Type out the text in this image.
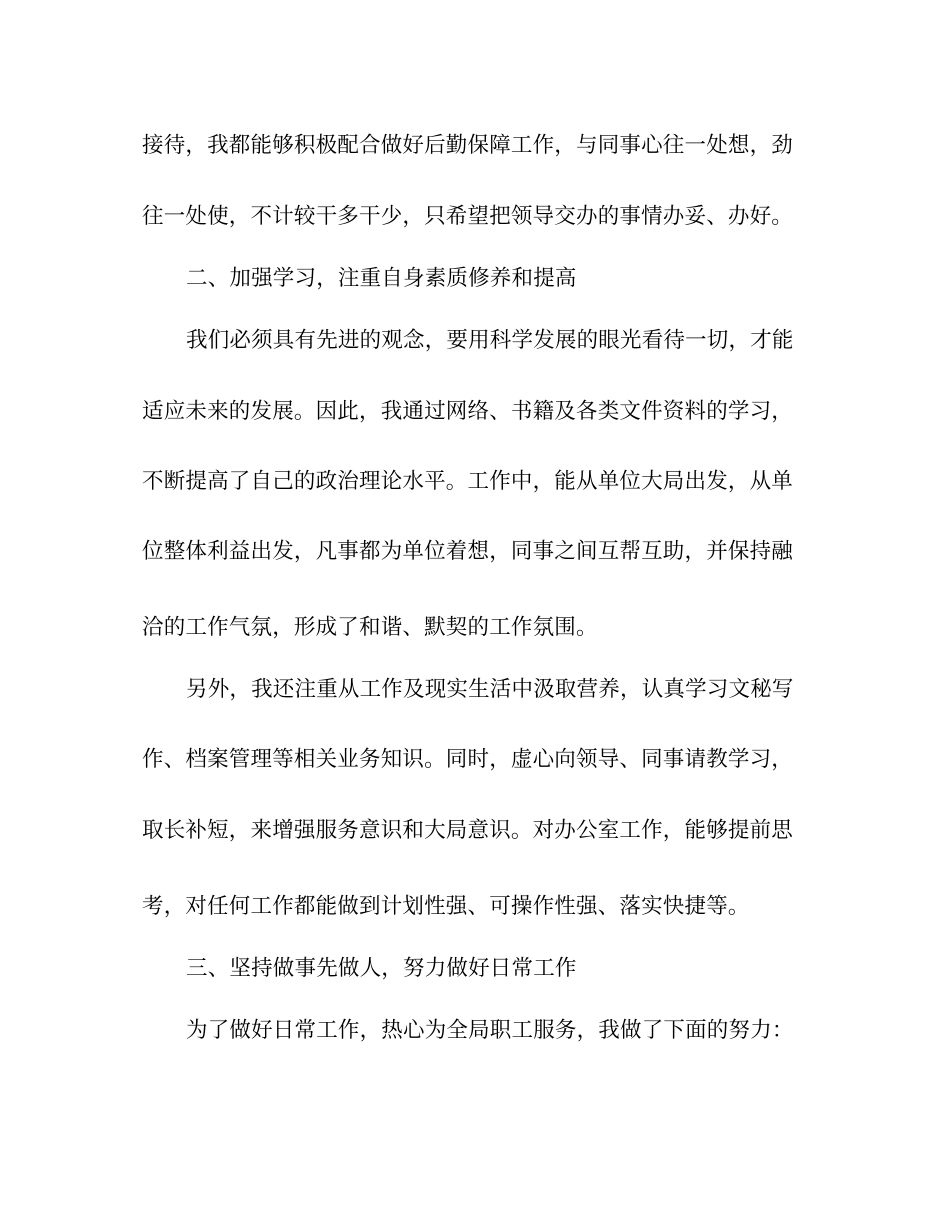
接待，我都能够积极配合做好后勤保障工作，与同事心往一处想，劲
往一处使，不计较干多干少，只希望把领导交办的事情办妥、办好。
二、加强学习，注重自身素质修养和提高
我们必须具有先进的观念，要用科学发展的眼光看待一切，才能
适应未来的发展。因此，我通过网络、书籍及各类文件资料的学习，
不断提高了自己的政治理论水平。工作中，能从单位大局出发，从单
位整体利益出发，凡事都为单位着想，同事之间互帮互助，并保持融
洽的工作气氛，形成了和谐、默契的工作氛围。
另外，我还注重从工作及现实生活中汲取营养，认真学习文秘写
作、档案管理等相关业务知识。同时，虚心向领导、同事请教学习，
取长补短，来增强服务意识和大局意识。对办公室工作，能够提前思
考，对任何工作都能做到计划性强、可操作性强、落实快捷等。
三、坚持做事先做人，努力做好日常工作
为了做好日常工作，热心为全局职工服务，我做了下面的努力：
